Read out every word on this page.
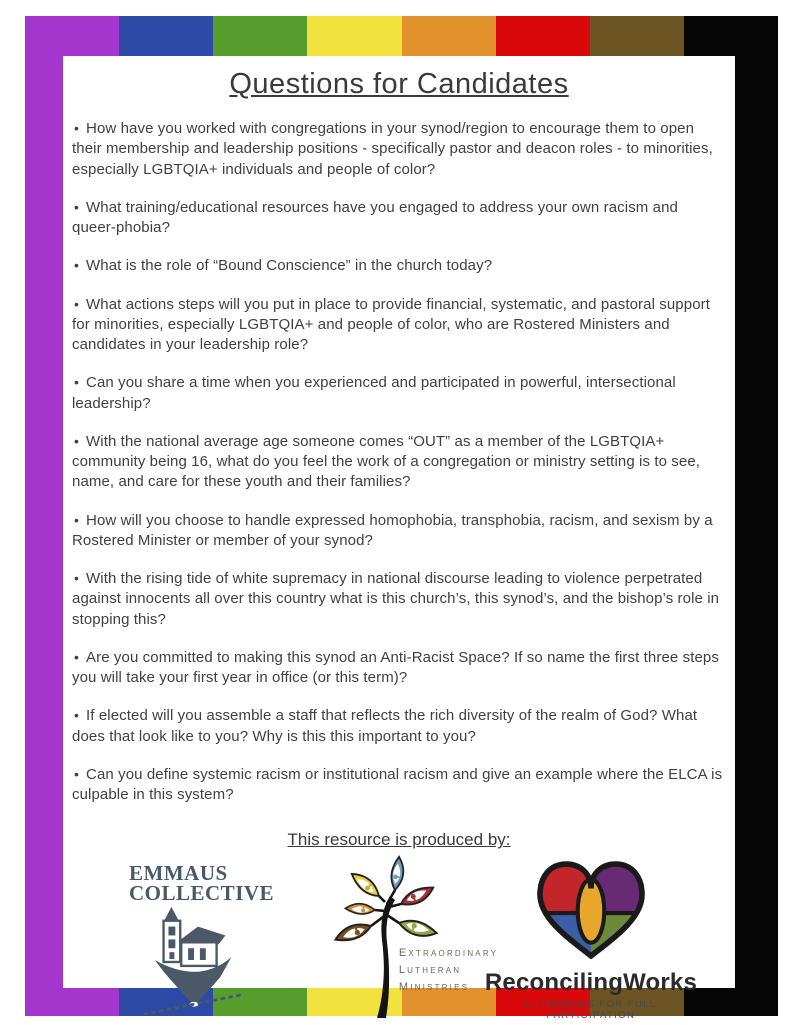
Questions for Candidates

• How have you worked with congregations in your synod/region to encourage them to open their membership and leadership positions - specifically pastor and deacon roles - to minorities, especially LGBTQIA+ individuals and people of color?

• What training/educational resources have you engaged to address your own racism and queer-phobia?

• What is the role of “Bound Conscience” in the church today?

• What actions steps will you put in place to provide financial, systematic, and pastoral support for minorities, especially LGBTQIA+ and people of color, who are Rostered Ministers and candidates in your leadership role?

• Can you share a time when you experienced and participated in powerful, intersectional leadership?

• With the national average age someone comes “OUT” as a member of the LGBTQIA+ community being 16, what do you feel the work of a congregation or ministry setting is to see, name, and care for these youth and their families?

• How will you choose to handle expressed homophobia, transphobia, racism, and sexism by a Rostered Minister or member of your synod?

• With the rising tide of white supremacy in national discourse leading to violence perpetrated against innocents all over this country what is this church’s, this synod’s, and the bishop’s role in stopping this?

• Are you committed to making this synod an Anti-Racist Space? If so name the first three steps you will take your first year in office (or this term)?

• If elected will you assemble a staff that reflects the rich diversity of the realm of God? What does that look like to you? Why is this this important to you?

• Can you define systemic racism or institutional racism and give an example where the ELCA is culpable in this system?

This resource is produced by:
EMMAUS
COLLECTIVE
Extraordinary
Lutheran
Ministries ReconcilingWorks
LUTHERANS FOR FULL PARTICIPATION
